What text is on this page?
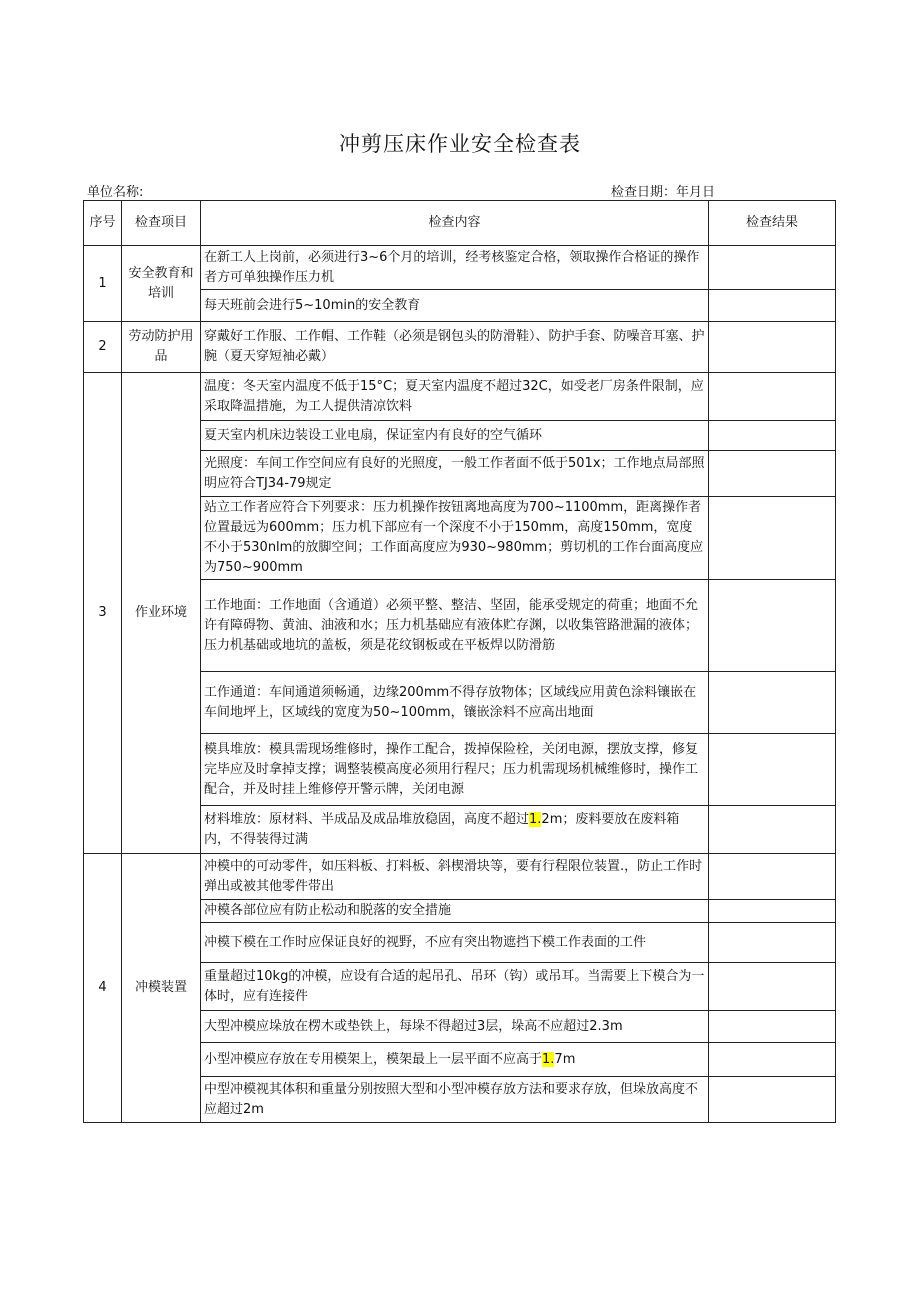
冲剪压床作业安全检查表
单位名称:	检查日期：年月日
序号	检查项目	检查内容	检查结果
1	安全教育和培训	在新工人上岗前，必须进行3~6个月的培训，经考核鉴定合格，领取操作合格证的操作者方可单独操作压力机	
		每天班前会进行5~10min的安全教育	
2	劳动防护用品	穿戴好工作服、工作帽、工作鞋（必须是钢包头的防滑鞋）、防护手套、防噪音耳塞、护腕（夏天穿短袖必戴）	
3	作业环境	温度：冬天室内温度不低于15°C；夏天室内温度不超过32C，如受老厂房条件限制，应采取降温措施，为工人提供清凉饮料	
		夏天室内机床边装设工业电扇，保证室内有良好的空气循环	
		光照度：车间工作空间应有良好的光照度，一般工作者面不低于501x；工作地点局部照明应符合TJ34-79规定	
		站立工作者应符合下列要求：压力机操作按钮离地高度为700~1100mm，距离操作者位置最远为600mm；压力机下部应有一个深度不小于150mm，高度150mm，宽度不小于530nlm的放脚空间；工作面高度应为930~980mm；剪切机的工作台面高度应为750~900mm	
		工作地面：工作地面（含通道）必须平整、整洁、坚固，能承受规定的荷重；地面不允许有障碍物、黄油、油液和水；压力机基础应有液体贮存渊，以收集管路泄漏的液体；压力机基础或地坑的盖板，须是花纹钢板或在平板焊以防滑筋	
		工作通道：车间通道须畅通，边缘200mm不得存放物体；区域线应用黄色涂料镶嵌在车间地坪上，区域线的宽度为50~100mm，镶嵌涂料不应高出地面	
		模具堆放：模具需现场维修时，操作工配合，拨掉保险栓，关闭电源，摆放支撑，修复完毕应及时拿掉支撑；调整装模高度必须用行程尺；压力机需现场机械维修时，操作工配合，并及时挂上维修停开警示牌，关闭电源	
		材料堆放：原材料、半成品及成品堆放稳固，高度不超过1.2m；废料要放在废料箱内，不得装得过满	
4	冲模装置	冲模中的可动零件，如压料板、打料板、斜楔滑块等，要有行程限位装置.，防止工作时弹出或被其他零件带出	
		冲模各部位应有防止松动和脱落的安全措施	
		冲模下模在工作时应保证良好的视野，不应有突出物遮挡下模工作表面的工件	
		重量超过10kg的冲模，应设有合适的起吊孔、吊环（钩）或吊耳。当需要上下模合为一体时，应有连接件	
		大型冲模应垛放在楞木或垫铁上，每垛不得超过3层，垛高不应超过2.3m	
		小型冲模应存放在专用模架上，模架最上一层平面不应高于1.7m	
		中型冲模视其体积和重量分别按照大型和小型冲模存放方法和要求存放，但垛放高度不应超过2m	
